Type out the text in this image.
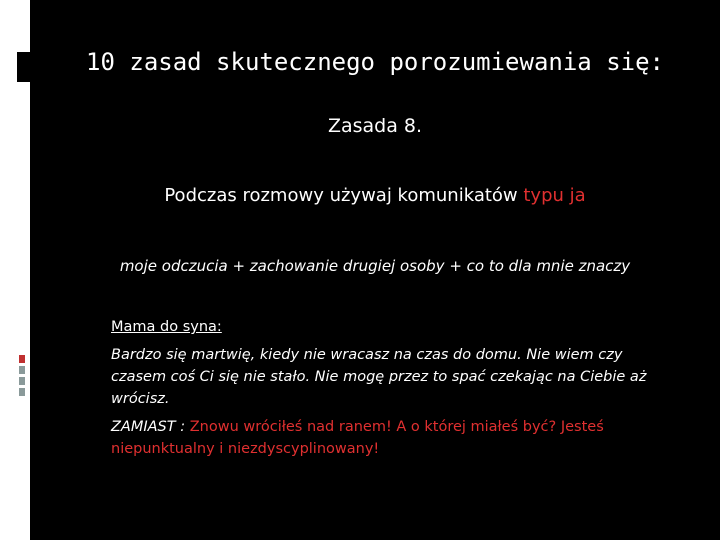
10 zasad skutecznego porozumiewania się:
Zasada 8.
Podczas rozmowy używaj komunikatów typu ja
moje odczucia + zachowanie drugiej osoby + co to dla mnie znaczy
Mama do syna:
Bardzo się martwię, kiedy nie wracasz na czas do domu. Nie wiem czy czasem coś Ci się nie stało. Nie mogę przez to spać czekając na Ciebie aż wrócisz.
ZAMIAST : Znowu wróciłeś nad ranem! A o której miałeś być? Jesteś niepunktualny i niezdyscyplinowany!
